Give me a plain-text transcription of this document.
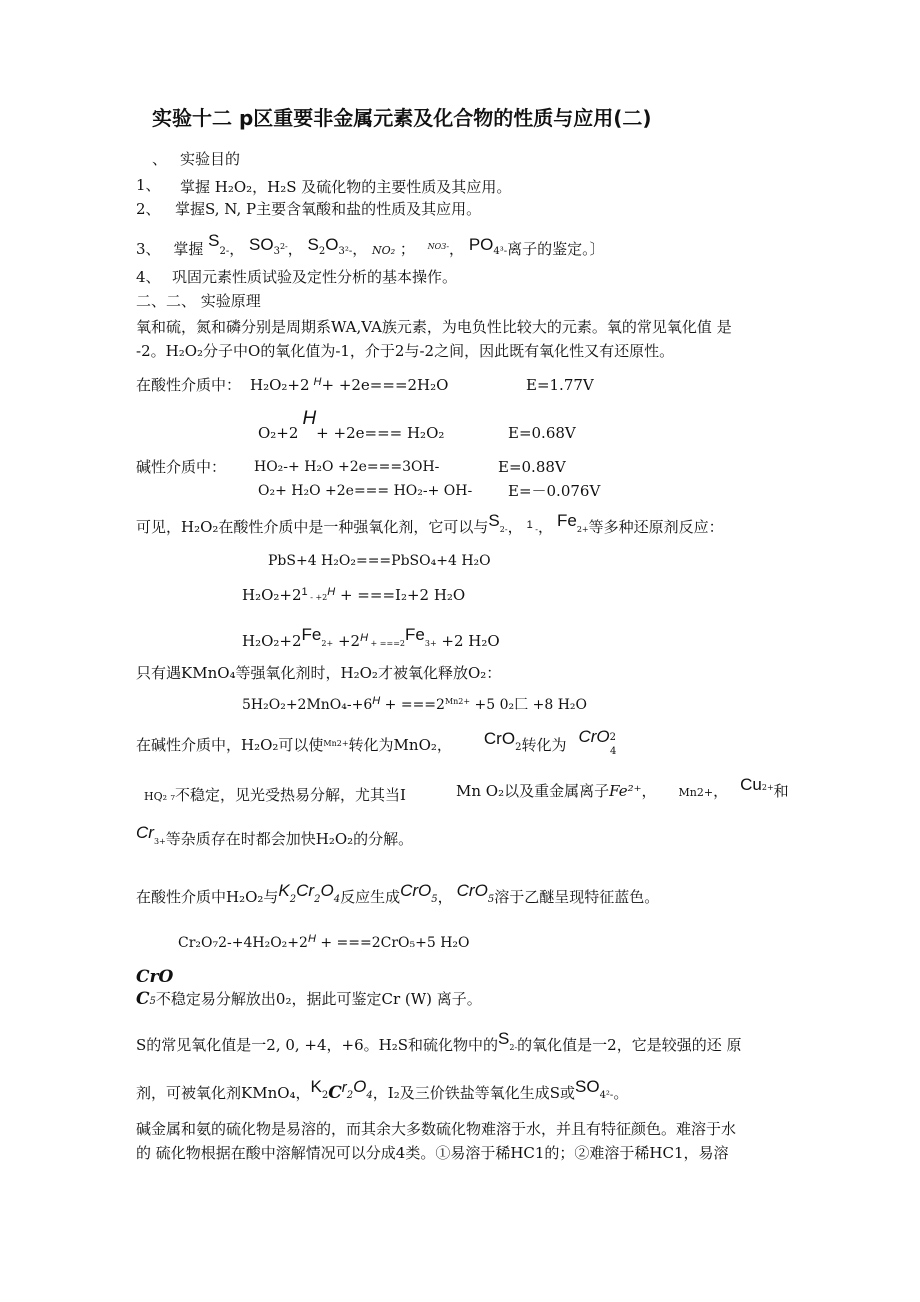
实验十二 p区重要非金属元素及化合物的性质与应用(二)
、 实验目的
1、 掌握 H₂O₂，H₂S 及硫化物的主要性质及其应用。
2、 掌握S, N, P主要含氧酸和盐的性质及其应用。
3、 掌握 S2-， $SO3^{2-}$， S2O3²-， NO₂ ； $^{NO3-}$， PO4³-离子的鉴定。〕
4、 巩固元素性质试验及定性分析的基本操作。
二、二、 实验原理
氧和硫，氮和磷分别是周期系WA,VA族元素，为电负性比较大的元素。氧的常见氧化值 是
-2。H₂O₂分子中O的氧化值为-1，介于2与-2之间，因此既有氧化性又有还原性。
在酸性介质中： H₂O₂+2 $^H$+ +2e===2H₂O	E=1.77V
O₂+2H+ +2e=== H₂O₂	E=0.68V
碱性介质中： HO₂-+ H₂O +2e===3OH-	E=0.88V
O₂+ H₂O +2e=== HO₂-+ OH- E=－0.076V
可见，H₂O₂在酸性介质中是一种强氧化剂，它可以与S2-， $^1$ -， Fe2+等多种还原剂反应：
PbS+4 H₂O₂===PbSO₄+4 H₂O
$H_2O_2+2^1 - +2^H + ===I_2+2$ H₂O
$H_2O_2+2Fe2+ +2^H + ===2Fe3+ +2$ H₂O
只有遇KMnO₄等强氧化剂时，H₂O₂才被氧化释放O₂：
$5H_2O_2+2MnO_4-+6^H + ===2^{Mn2+} +5$ 0₂匚 +8 H₂O
在碱性介质中，H₂O₂可以使$^{Mn2+}$转化为MnO₂， CrO2转化为 CrO$^2_4$
HQ₂ ₇不稳定，见光受热易分解，尤其当I	Mn O₂以及重金属离子Fe²⁺， Mn2+， $Cu^{2+}$和
Cr3+等杂质存在时都会加快H₂O₂的分解。
在酸性介质中H₂O₂与K2Cr2O4反应生成CrO5， CrO5溶于乙醚呈现特征蓝色。
$Cr_2O_72-+4H_2O_2+2^H + ===2CrO_5+5$ H₂O
CrO
C5不稳定易分解放出0₂，据此可鉴定Cr (W) 离子。
S的常见氧化值是一2, 0, +4，+6。H₂S和硫化物中的S2-的氧化值是一2，它是较强的还 原
剂，可被氧化剂KMnO₄，K2Cr2O4，I₂及三价铁盐等氧化生成S或SO4²-。
碱金属和氨的硫化物是易溶的，而其余大多数硫化物难溶于水，并且有特征颜色。难溶于水
的 硫化物根据在酸中溶解情况可以分成4类。①易溶于稀HC1的；②难溶于稀HC1，易溶
